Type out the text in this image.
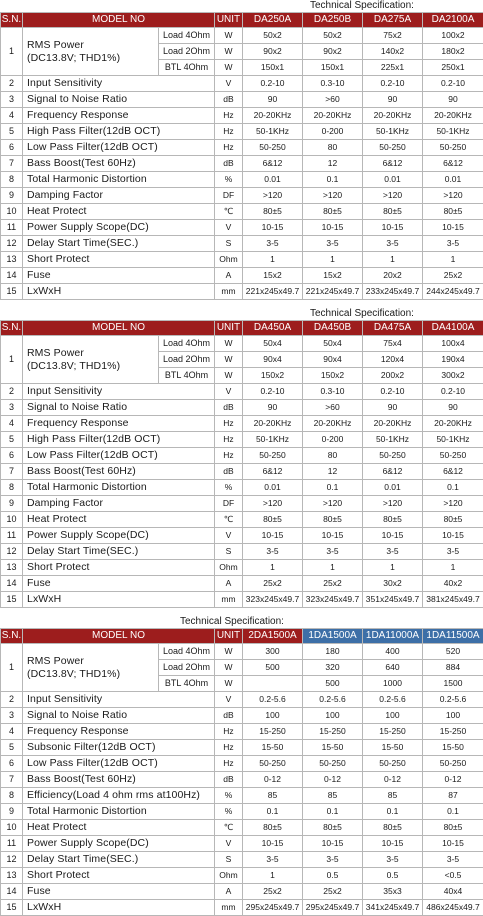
Technical Specification:
S.N.	MODEL NO		UNIT	DA250A	DA250B	DA275A	DA2100A
1	RMS Power
(DC13.8V; THD1%)	Load 4Ohm	W	50x2	50x2	75x2	100x2
		Load 2Ohm	W	90x2	90x2	140x2	180x2
		BTL 4Ohm	W	150x1	150x1	225x1	250x1
2	Input Sensitivity		V	0.2-10	0.3-10	0.2-10	0.2-10
3	Signal to Noise Ratio		dB	90	>60	90	90
4	Frequency Response		Hz	20-20KHz	20-20KHz	20-20KHz	20-20KHz
5	High Pass Filter(12dB OCT)		Hz	50-1KHz	0-200	50-1KHz	50-1KHz
6	Low Pass Filter(12dB OCT)		Hz	50-250	80	50-250	50-250
7	Bass Boost(Test 60Hz)		dB	6&12	12	6&12	6&12
8	Total Harmonic Distortion		%	0.01	0.1	0.01	0.01
9	Damping Factor		DF	>120	>120	>120	>120
10	Heat Protect		℃	80±5	80±5	80±5	80±5
11	Power Supply Scope(DC)		V	10-15	10-15	10-15	10-15
12	Delay Start Time(SEC.)		S	3-5	3-5	3-5	3-5
13	Short Protect		Ohm	1	1	1	1
14	Fuse		A	15x2	15x2	20x2	25x2
15	LxWxH		mm	221x245x49.7	221x245x49.7	233x245x49.7	244x245x49.7
Technical Specification:
S.N.	MODEL NO		UNIT	DA450A	DA450B	DA475A	DA4100A
1	RMS Power
(DC13.8V; THD1%)	Load 4Ohm	W	50x4	50x4	75x4	100x4
		Load 2Ohm	W	90x4	90x4	120x4	190x4
		BTL 4Ohm	W	150x2	150x2	200x2	300x2
2	Input Sensitivity		V	0.2-10	0.3-10	0.2-10	0.2-10
3	Signal to Noise Ratio		dB	90	>60	90	90
4	Frequency Response		Hz	20-20KHz	20-20KHz	20-20KHz	20-20KHz
5	High Pass Filter(12dB OCT)		Hz	50-1KHz	0-200	50-1KHz	50-1KHz
6	Low Pass Filter(12dB OCT)		Hz	50-250	80	50-250	50-250
7	Bass Boost(Test 60Hz)		dB	6&12	12	6&12	6&12
8	Total Harmonic Distortion		%	0.01	0.1	0.01	0.1
9	Damping Factor		DF	>120	>120	>120	>120
10	Heat Protect		℃	80±5	80±5	80±5	80±5
11	Power Supply Scope(DC)		V	10-15	10-15	10-15	10-15
12	Delay Start Time(SEC.)		S	3-5	3-5	3-5	3-5
13	Short Protect		Ohm	1	1	1	1
14	Fuse		A	25x2	25x2	30x2	40x2
15	LxWxH		mm	323x245x49.7	323x245x49.7	351x245x49.7	381x245x49.7
Technical Specification:
S.N.	MODEL NO		UNIT	2DA1500A	1DA1500A	1DA11000A	1DA11500A
1	RMS Power
(DC13.8V; THD1%)	Load 4Ohm	W	300	180	400	520
		Load 2Ohm	W	500	320	640	884
		BTL 4Ohm	W		500	1000	1500
2	Input Sensitivity		V	0.2-5.6	0.2-5.6	0.2-5.6	0.2-5.6
3	Signal to Noise Ratio		dB	100	100	100	100
4	Frequency Response		Hz	15-250	15-250	15-250	15-250
5	Subsonic Filter(12dB OCT)		Hz	15-50	15-50	15-50	15-50
6	Low Pass Filter(12dB OCT)		Hz	50-250	50-250	50-250	50-250
7	Bass Boost(Test 60Hz)		dB	0-12	0-12	0-12	0-12
8	Efficiency(Load 4 ohm rms at100Hz)		%	85	85	85	87
9	Total Harmonic Distortion		%	0.1	0.1	0.1	0.1
10	Heat Protect		℃	80±5	80±5	80±5	80±5
11	Power Supply Scope(DC)		V	10-15	10-15	10-15	10-15
12	Delay Start Time(SEC.)		S	3-5	3-5	3-5	3-5
13	Short Protect		Ohm	1	0.5	0.5	<0.5
14	Fuse		A	25x2	25x2	35x3	40x4
15	LxWxH		mm	295x245x49.7	295x245x49.7	341x245x49.7	486x245x49.7
